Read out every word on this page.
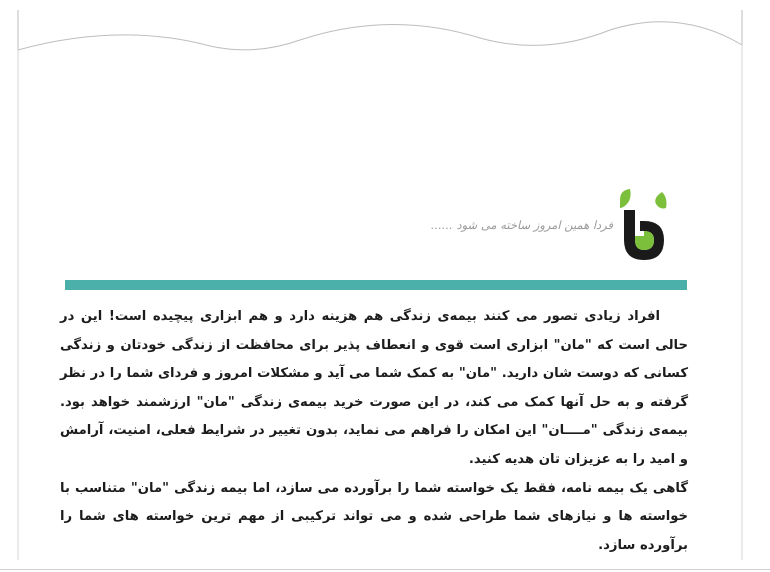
فردا همین امروز ساخته می شود ......

افراد زیادی تصور می کنند بیمه‌ی زندگی هم هزینه دارد و هم ابزاری پیچیده است! این در حالی است که "مان" ابزاری است قوی و انعطاف پذیر برای محافظت از زندگی خودتان و زندگی کسانی که دوست شان دارید. "مان" به کمک شما می آید و مشکلات امروز و فردای شما را در نظر گرفته و به حل آنها کمک می کند، در این صورت خرید بیمه‌ی زندگی "مان" ارزشمند خواهد بود. بیمه‌ی زندگی "مــــان" این امکان را فراهم می نماید، بدون تغییر در شرایط فعلی، امنیت، آرامش و امید را به عزیزان تان هدیه کنید.

گاهی یک بیمه نامه، فقط یک خواسته شما را برآورده می سازد، اما بیمه زندگی "مان" متناسب با خواسته ها و نیازهای شما طراحی شده و می تواند ترکیبی از مهم ترین خواسته های شما را برآورده سازد.
